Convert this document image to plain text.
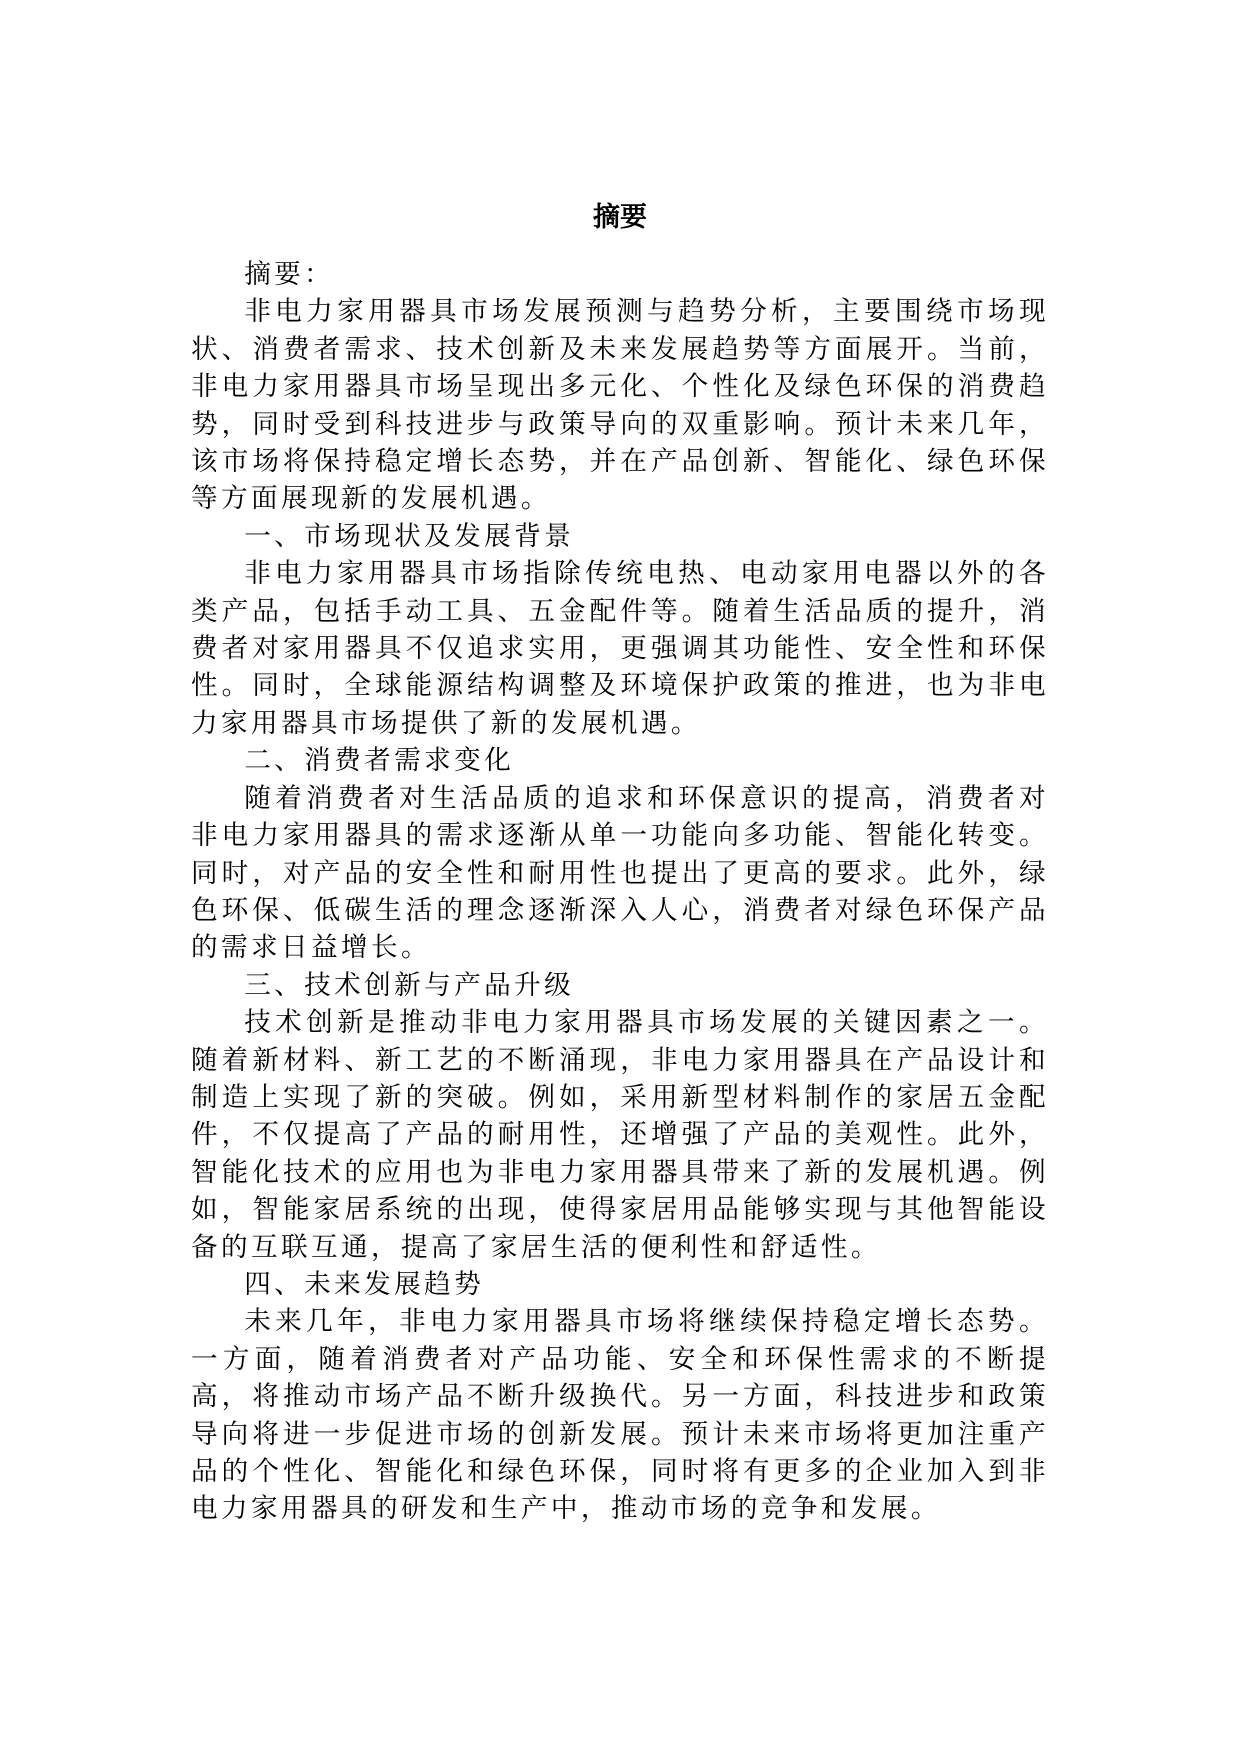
摘要

摘要：

非电力家用器具市场发展预测与趋势分析，主要围绕市场现状、消费者需求、技术创新及未来发展趋势等方面展开。当前，非电力家用器具市场呈现出多元化、个性化及绿色环保的消费趋势，同时受到科技进步与政策导向的双重影响。预计未来几年，该市场将保持稳定增长态势，并在产品创新、智能化、绿色环保等方面展现新的发展机遇。

一、市场现状及发展背景

非电力家用器具市场指除传统电热、电动家用电器以外的各类产品，包括手动工具、五金配件等。随着生活品质的提升，消费者对家用器具不仅追求实用，更强调其功能性、安全性和环保性。同时，全球能源结构调整及环境保护政策的推进，也为非电力家用器具市场提供了新的发展机遇。

二、消费者需求变化

随着消费者对生活品质的追求和环保意识的提高，消费者对非电力家用器具的需求逐渐从单一功能向多功能、智能化转变。同时，对产品的安全性和耐用性也提出了更高的要求。此外，绿色环保、低碳生活的理念逐渐深入人心，消费者对绿色环保产品的需求日益增长。

三、技术创新与产品升级

技术创新是推动非电力家用器具市场发展的关键因素之一。随着新材料、新工艺的不断涌现，非电力家用器具在产品设计和制造上实现了新的突破。例如，采用新型材料制作的家居五金配件，不仅提高了产品的耐用性，还增强了产品的美观性。此外，智能化技术的应用也为非电力家用器具带来了新的发展机遇。例如，智能家居系统的出现，使得家居用品能够实现与其他智能设备的互联互通，提高了家居生活的便利性和舒适性。

四、未来发展趋势

未来几年，非电力家用器具市场将继续保持稳定增长态势。一方面，随着消费者对产品功能、安全和环保性需求的不断提高，将推动市场产品不断升级换代。另一方面，科技进步和政策导向将进一步促进市场的创新发展。预计未来市场将更加注重产品的个性化、智能化和绿色环保，同时将有更多的企业加入到非电力家用器具的研发和生产中，推动市场的竞争和发展。
